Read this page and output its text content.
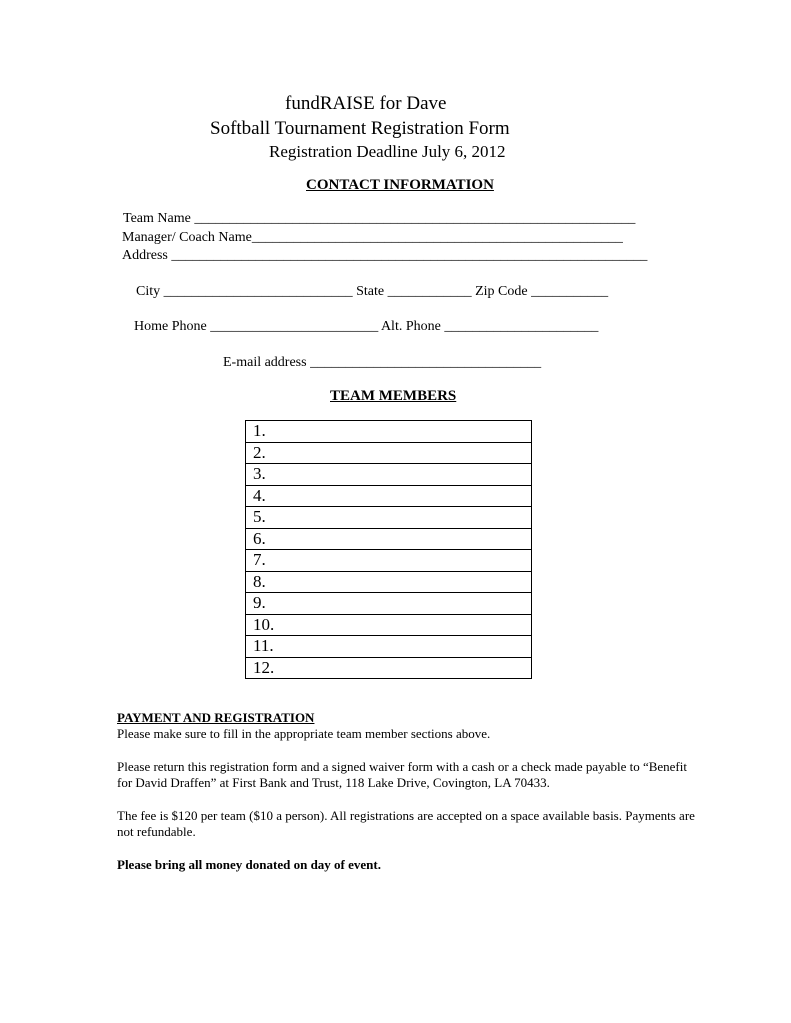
fundRAISE for Dave
Softball Tournament Registration Form
Registration Deadline July 6, 2012
CONTACT INFORMATION
Team Name _______________________________________________________________
Manager/ Coach Name_____________________________________________________
Address ____________________________________________________________________
City ___________________________ State ____________ Zip Code ___________
Home Phone ________________________ Alt. Phone ______________________
E-mail address _________________________________
TEAM MEMBERS
1.
2.
3.
4.
5.
6.
7.
8.
9.
10.
11.
12.
PAYMENT AND REGISTRATION

Please make sure to fill in the appropriate team member sections above.

Please return this registration form and a signed waiver form with a cash or a check made payable to “Benefit for David Draffen” at First Bank and Trust, 118 Lake Drive, Covington, LA 70433.

The fee is $120 per team ($10 a person). All registrations are accepted on a space available basis. Payments are not refundable.

Please bring all money donated on day of event.
